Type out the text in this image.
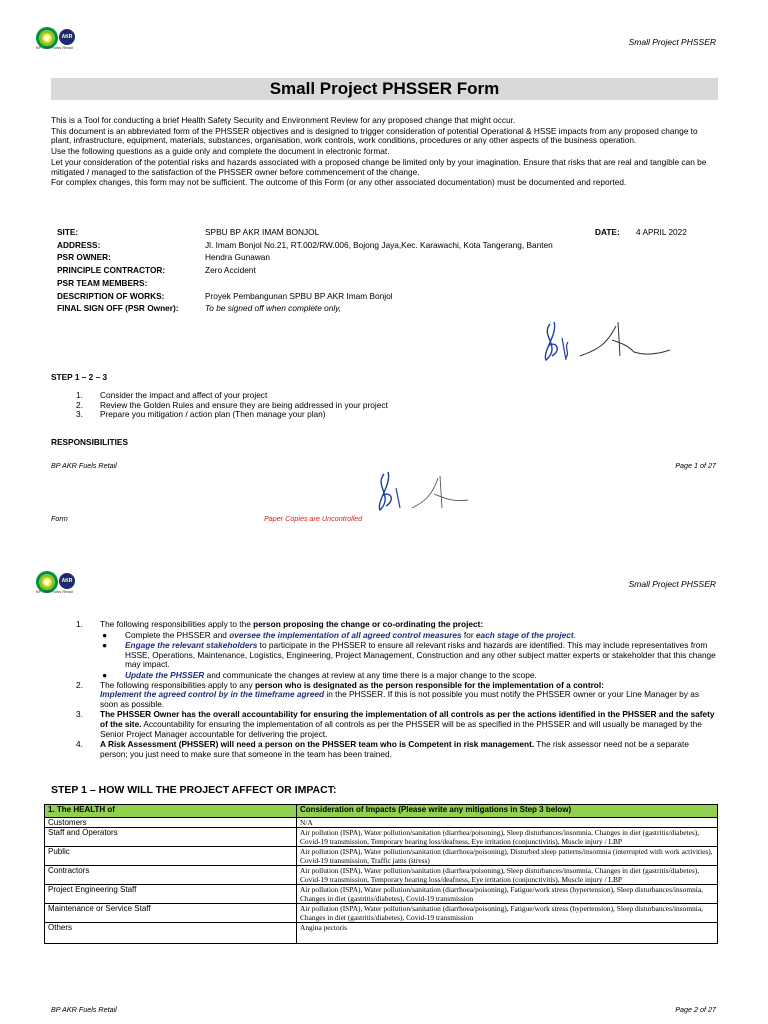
AKR
BP AKR Fuels Retail
Small Project PHSSER
Small Project PHSSER Form

This is a Tool for conducting a brief Health Safety Security and Environment Review for any proposed change that might occur.

This document is an abbreviated form of the PHSSER objectives and is designed to trigger consideration of potential Operational & HSSE impacts from any proposed change to plant, infrastructure, equipment, materials, substances, organisation, work controls, work conditions, procedures or any other aspects of the business operation.

Use the following questions as a guide only and complete the document in electronic format.

Let your consideration of the potential risks and hazards associated with a proposed change be limited only by your imagination. Ensure that risks that are real and tangible can be mitigated / managed to the satisfaction of the PHSSER owner before commencement of the change.

For complex changes, this form may not be sufficient. The outcome of this Form (or any other associated documentation) must be documented and reported.

SITE:	SPBU BP AKR IMAM BONJOL	DATE: 4 APRIL 2022
ADDRESS:	Jl. Imam Bonjol No.21, RT.002/RW.006, Bojong Jaya,Kec. Karawachi, Kota Tangerang, Banten
PSR OWNER:	Hendra Gunawan
PRINCIPLE CONTRACTOR:	Zero Accident
PSR TEAM MEMBERS:
DESCRIPTION OF WORKS:	Proyek Pembangunan SPBU BP AKR Imam Bonjol
FINAL SIGN OFF (PSR Owner):	To be signed off when complete only,
STEP 1 – 2 – 3
1. Consider the impact and affect of your project
2. Review the Golden Rules and ensure they are being addressed in your project
3. Prepare you mitigation / action plan (Then manage your plan)
RESPONSIBILITIES
BP AKR Fuels Retail	Page 1 of 27
Form	Paper Copies are Uncontrolled
AKR
BP AKR Fuels Retail
Small Project PHSSER
1. The following responsibilities apply to the person proposing the change or co-ordinating the project:
● Complete the PHSSER and oversee the implementation of all agreed control measures for each stage of the project.
● Engage the relevant stakeholders to participate in the PHSSER to ensure all relevant risks and hazards are identified. This may include representatives from HSSE, Operations, Maintenance, Logistics, Engineering, Project Management, Construction and any other subject matter experts or stakeholder that this change may impact.
● Update the PHSSER and communicate the changes at review at any time there is a major change to the scope.
2. The following responsibilities apply to any person who is designated as the person responsible for the implementation of a control:
Implement the agreed control by in the timeframe agreed in the PHSSER. If this is not possible you must notify the PHSSER owner or your Line Manager by as soon as possible.
3. The PHSSER Owner has the overall accountability for ensuring the implementation of all controls as per the actions identified in the PHSSER and the safety of the site. Accountability for ensuring the implementation of all controls as per the PHSSER will be as specified in the PHSSER and will usually be managed by the Senior Project Manager accountable for delivering the project.
4. A Risk Assessment (PHSSER) will need a person on the PHSSER team who is Competent in risk management. The risk assessor need not be a separate person; you just need to make sure that someone in the team has been trained.
STEP 1 – HOW WILL THE PROJECT AFFECT OR IMPACT:
1. The HEALTH of	Consideration of Impacts (Please write any mitigations in Step 3 below)
Customers	N/A
Staff and Operators	Air pollution (ISPA), Water pollution/sanitation (diarrhea/poisoning), Sleep disturbances/insomnia, Changes in diet (gastritis/diabetes), Covid-19 transmission, Temporary hearing loss/deafness, Eye irritation (conjunctivitis), Muscle injury / LBP
Public	Air pollution (ISPA), Water pollution/sanitation (diarrhoea/poisoning), Disturbed sleep patterns/insomnia (interrupted with work activities), Covid-19 transmission, Traffic jams (stress)
Contractors	Air pollution (ISPA), Water pollution/sanitation (diarrhea/poisoning), Sleep disturbances/insomnia, Changes in diet (gastritis/diabetes), Covid-19 transmission, Temporary hearing loss/deafness, Eye irritation (conjunctivitis), Muscle injury / LBP
Project Engineering Staff	Air pollution (ISPA), Water pollution/sanitation (diarrhoea/poisoning), Fatigue/work stress (hypertension), Sleep disturbances/insomnia, Changes in diet (gastritis/diabetes), Covid-19 transmission
Maintenance or Service Staff	Air pollution (ISPA), Water pollution/sanitation (diarrhoea/poisoning), Fatigue/work stress (hypertension), Sleep disturbances/insomnia, Changes in diet (gastritis/diabetes), Covid-19 transmission
Others	Angina pectoris
BP AKR Fuels Retail	Page 2 of 27
